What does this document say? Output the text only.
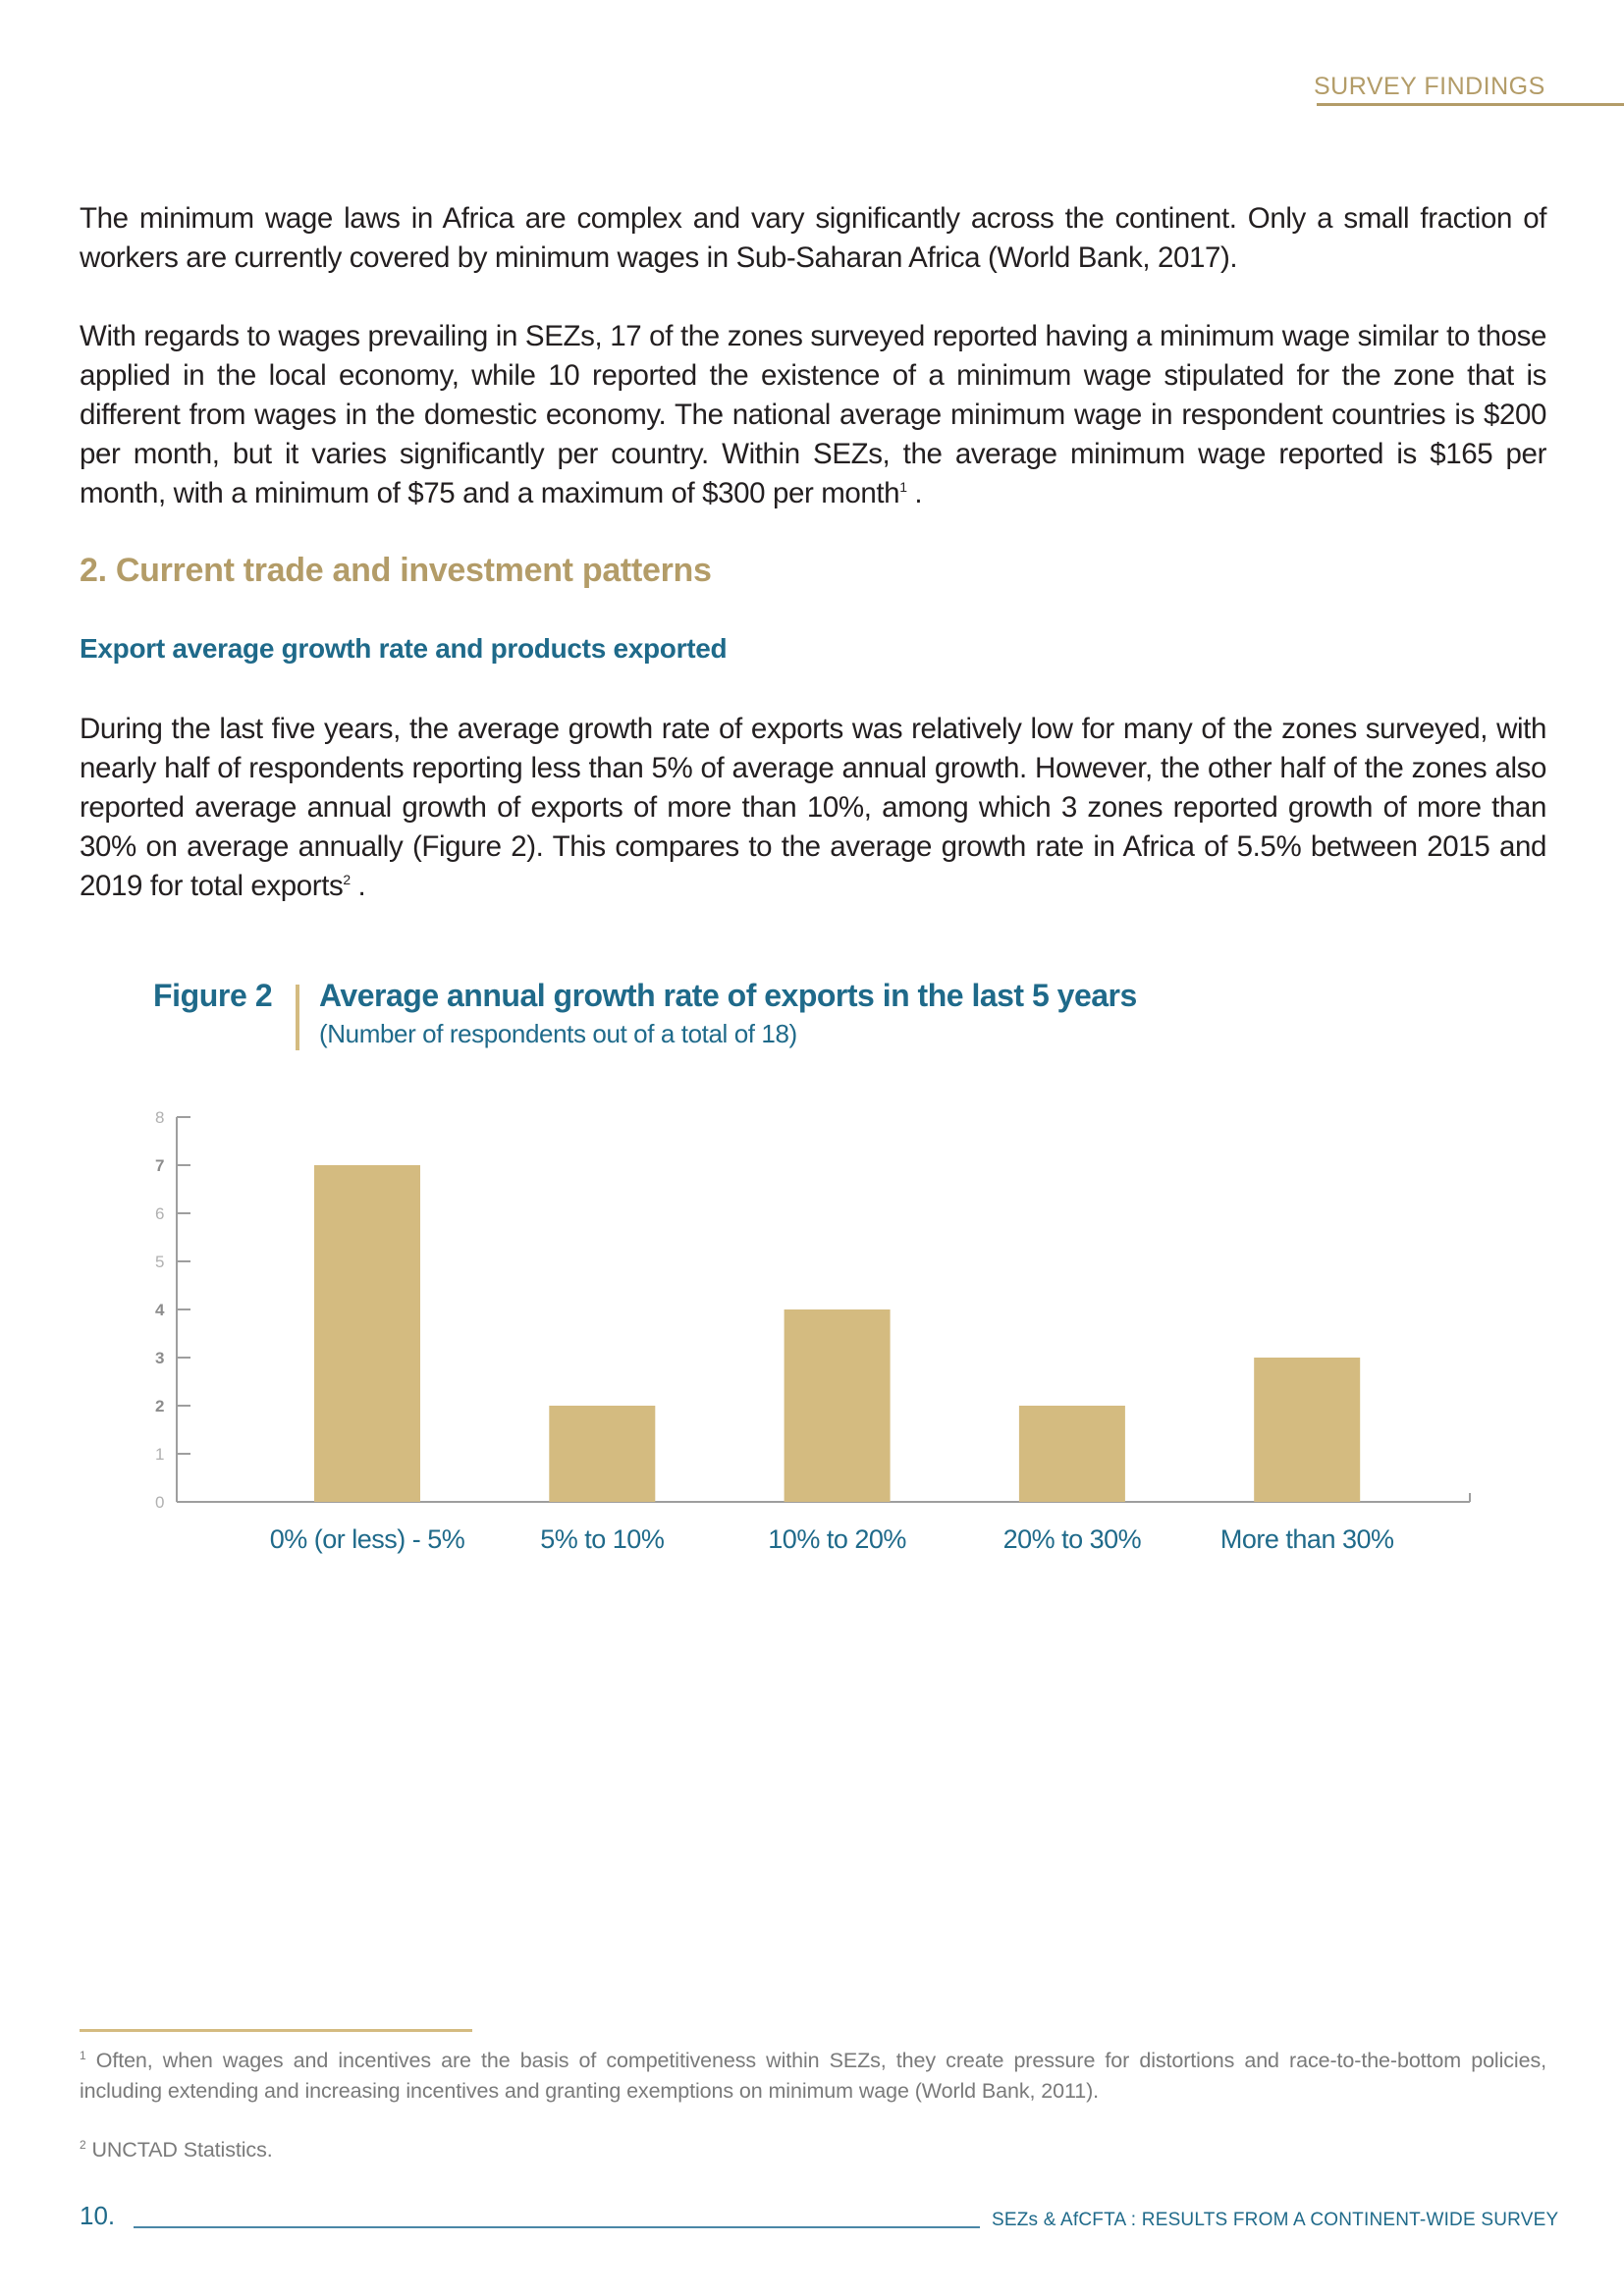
SURVEY FINDINGS

The minimum wage laws in Africa are complex and vary significantly across the continent. Only a small fraction of workers are currently covered by minimum wages in Sub-Saharan Africa (World Bank, 2017).

With regards to wages prevailing in SEZs, 17 of the zones surveyed reported having a minimum wage similar to those applied in the local economy, while 10 reported the existence of a minimum wage stipulated for the zone that is different from wages in the domestic economy. The national average minimum wage in respondent countries is $200 per month, but it varies significantly per country. Within SEZs, the average minimum wage reported is $165 per month, with a minimum of $75 and a maximum of $300 per month$^1$ .

2. Current trade and investment patterns
Export average growth rate and products exported

During the last five years, the average growth rate of exports was relatively low for many of the zones surveyed, with nearly half of respondents reporting less than 5% of average annual growth. However, the other half of the zones also reported average annual growth of exports of more than 10%, among which 3 zones reported growth of more than 30% on average annually (Figure 2). This compares to the average growth rate in Africa of 5.5% between 2015 and 2019 for total exports$^2$ .

Figure 2 Average annual growth rate of exports in the last 5 years
(Number of respondents out of a total of 18)
0
1
2
3
4
5
6
7
8
0% (or less) - 5%	5% to 10%	10% to 20%	20% to 30%	More than 30%

$^1$ Often, when wages and incentives are the basis of competitiveness within SEZs, they create pressure for distortions and race-to-the-bottom policies, including extending and increasing incentives and granting exemptions on minimum wage (World Bank, 2011).

$^2$ UNCTAD Statistics.

10.	SEZs & AfCFTA : RESULTS FROM A CONTINENT-WIDE SURVEY
